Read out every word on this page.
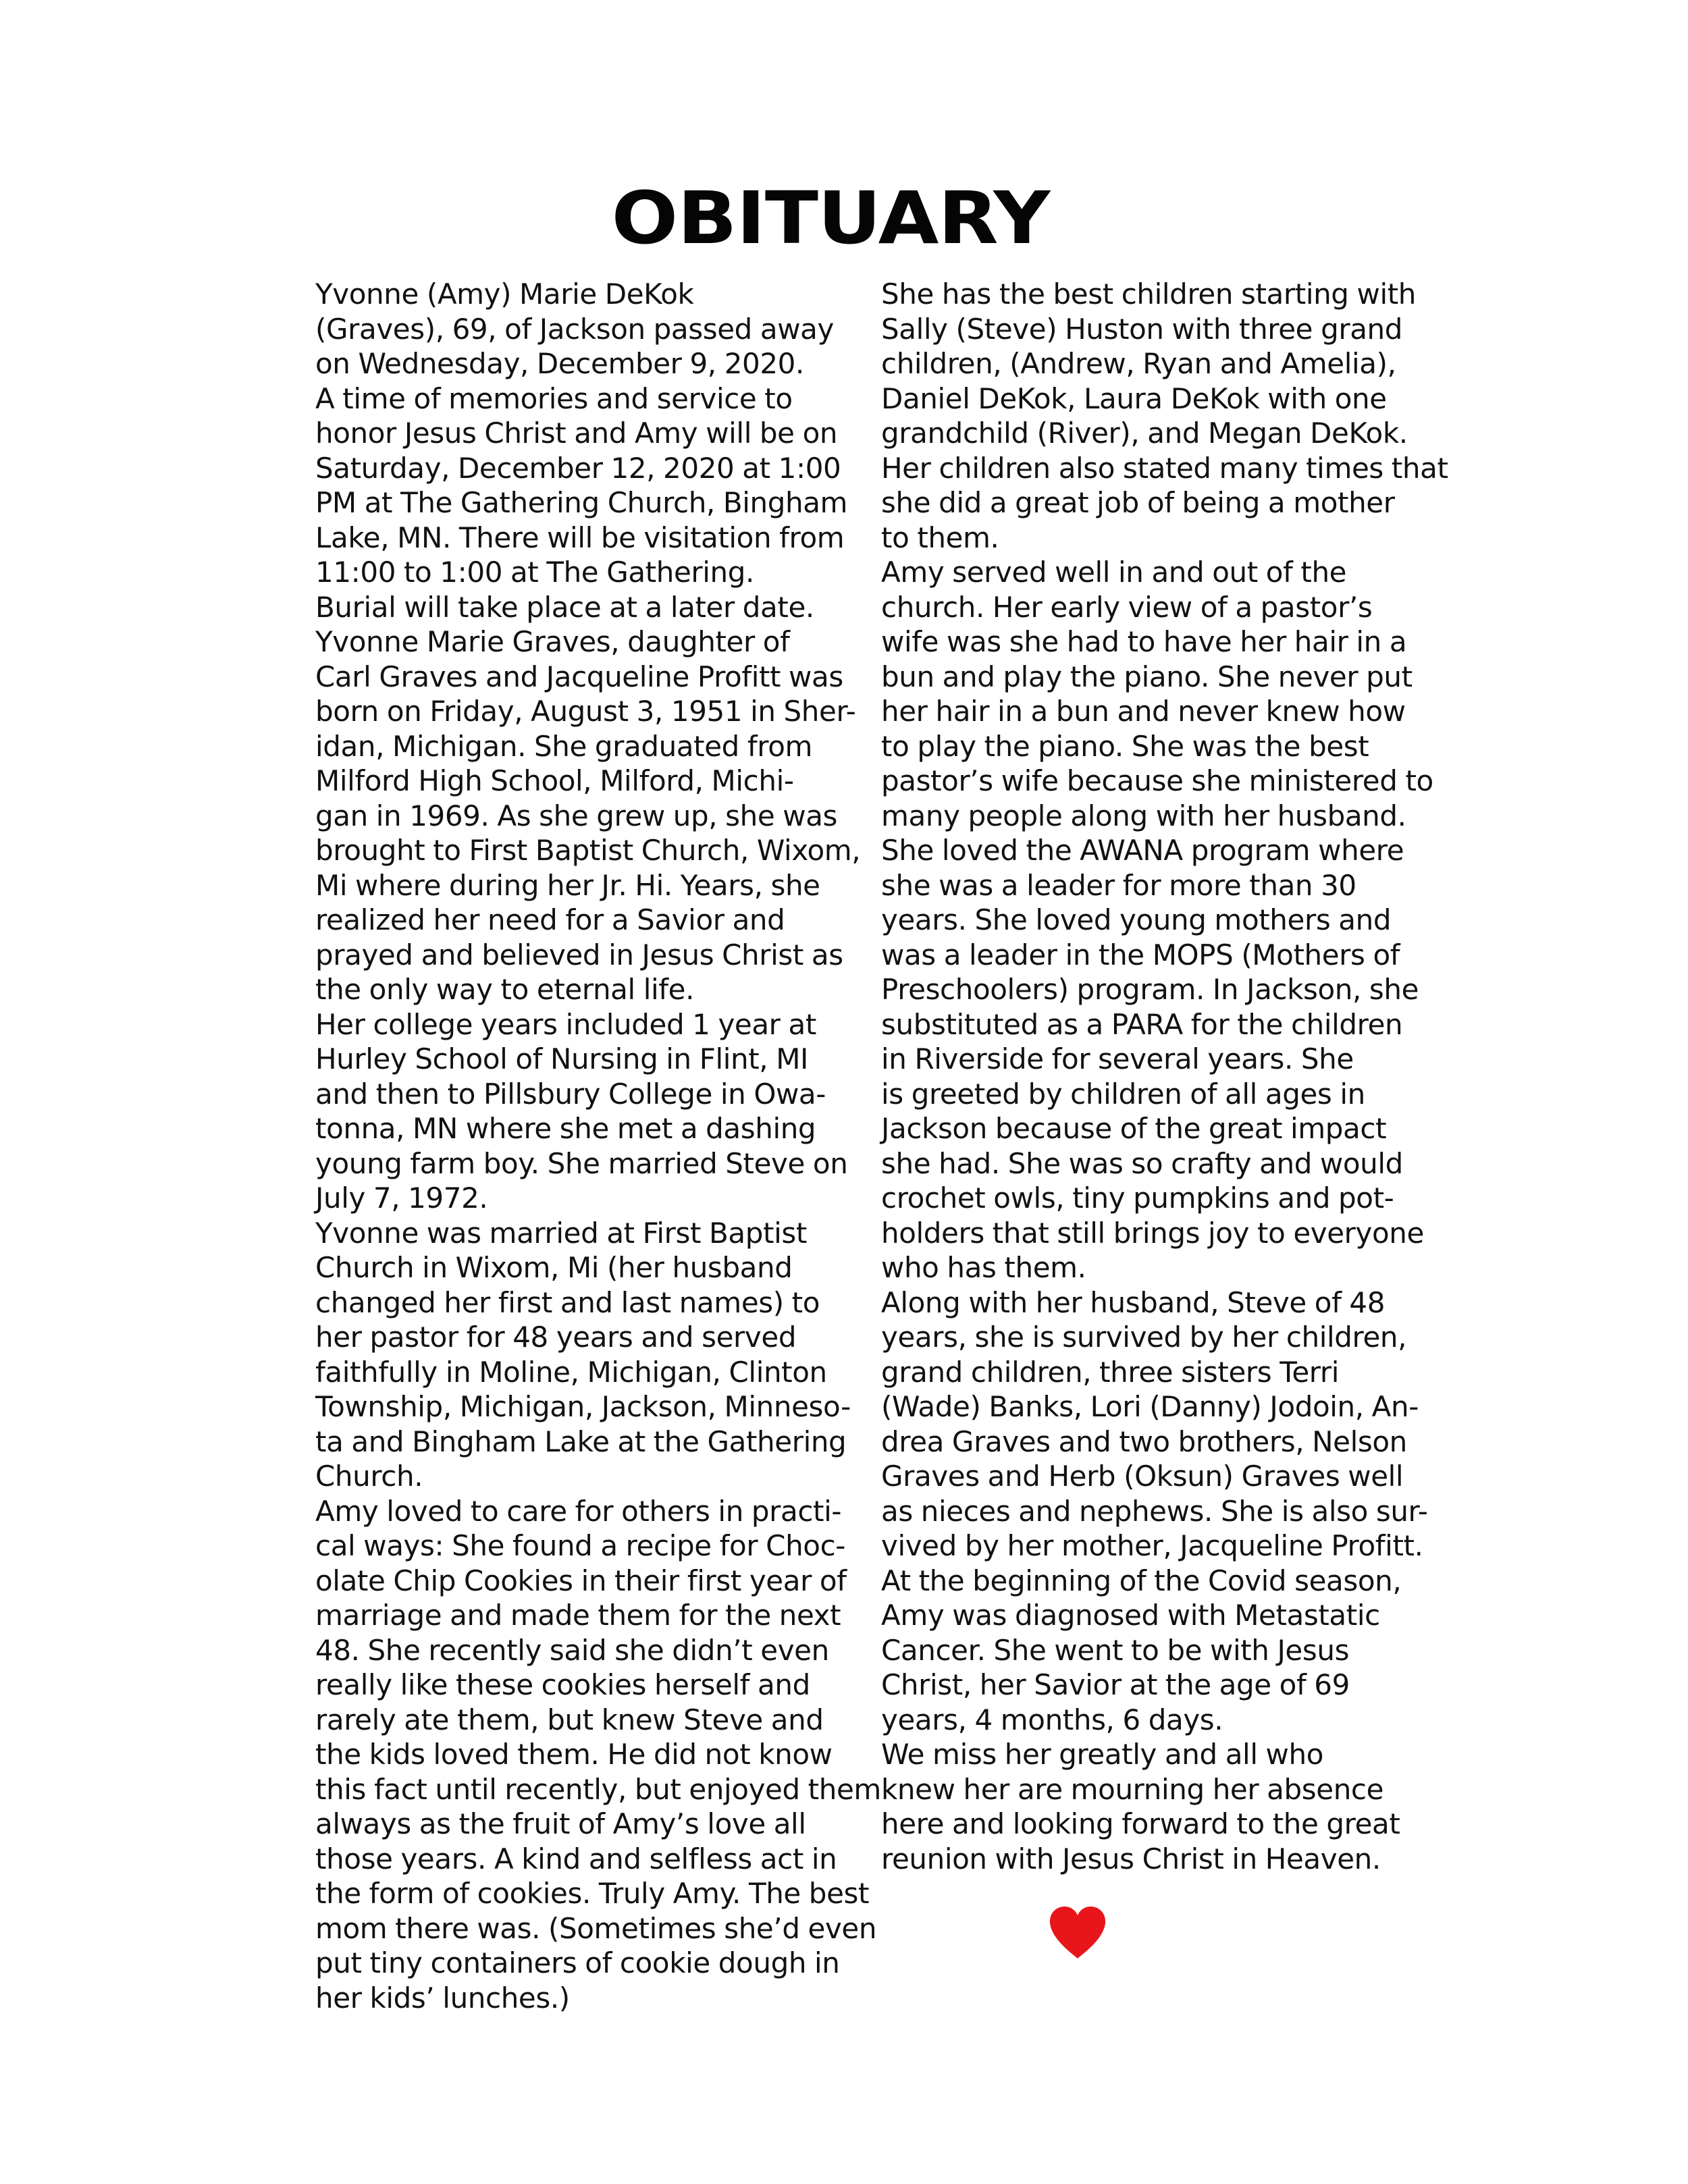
OBITUARY

Yvonne (Amy) Marie DeKok
(Graves), 69, of Jackson passed away
on Wednesday, December 9, 2020.
A time of memories and service to
honor Jesus Christ and Amy will be on
Saturday, December 12, 2020 at 1:00
PM at The Gathering Church, Bingham
Lake, MN. There will be visitation from
11:00 to 1:00 at The Gathering.

Burial will take place at a later date.

Yvonne Marie Graves, daughter of
Carl Graves and Jacqueline Profitt was
born on Friday, August 3, 1951 in Sher-
idan, Michigan. She graduated from
Milford High School, Milford, Michi-
gan in 1969. As she grew up, she was
brought to First Baptist Church, Wixom,
Mi where during her Jr. Hi. Years, she
realized her need for a Savior and
prayed and believed in Jesus Christ as
the only way to eternal life.

Her college years included 1 year at
Hurley School of Nursing in Flint, MI
and then to Pillsbury College in Owa-
tonna, MN where she met a dashing
young farm boy. She married Steve on
July 7, 1972.

Yvonne was married at First Baptist
Church in Wixom, Mi (her husband
changed her first and last names) to
her pastor for 48 years and served
faithfully in Moline, Michigan, Clinton
Township, Michigan, Jackson, Minneso-
ta and Bingham Lake at the Gathering
Church.

Amy loved to care for others in practi-
cal ways: She found a recipe for Choc-
olate Chip Cookies in their first year of
marriage and made them for the next
48. She recently said she didn’t even
really like these cookies herself and
rarely ate them, but knew Steve and
the kids loved them. He did not know
this fact until recently, but enjoyed them
always as the fruit of Amy’s love all
those years. A kind and selfless act in
the form of cookies. Truly Amy. The best
mom there was. (Sometimes she’d even
put tiny containers of cookie dough in
her kids’ lunches.)

She has the best children starting with
Sally (Steve) Huston with three grand
children, (Andrew, Ryan and Amelia),
Daniel DeKok, Laura DeKok with one
grandchild (River), and Megan DeKok.
Her children also stated many times that
she did a great job of being a mother
to them.

Amy served well in and out of the
church. Her early view of a pastor’s
wife was she had to have her hair in a
bun and play the piano. She never put
her hair in a bun and never knew how
to play the piano. She was the best
pastor’s wife because she ministered to
many people along with her husband.
She loved the AWANA program where
she was a leader for more than 30
years. She loved young mothers and
was a leader in the MOPS (Mothers of
Preschoolers) program. In Jackson, she
substituted as a PARA for the children
in Riverside for several years. She
is greeted by children of all ages in
Jackson because of the great impact
she had. She was so crafty and would
crochet owls, tiny pumpkins and pot-
holders that still brings joy to everyone
who has them.

Along with her husband, Steve of 48
years, she is survived by her children,
grand children, three sisters Terri
(Wade) Banks, Lori (Danny) Jodoin, An-
drea Graves and two brothers, Nelson
Graves and Herb (Oksun) Graves well
as nieces and nephews. She is also sur-
vived by her mother, Jacqueline Profitt.
At the beginning of the Covid season,
Amy was diagnosed with Metastatic
Cancer. She went to be with Jesus
Christ, her Savior at the age of 69
years, 4 months, 6 days.

We miss her greatly and all who
knew her are mourning her absence
here and looking forward to the great
reunion with Jesus Christ in Heaven.
